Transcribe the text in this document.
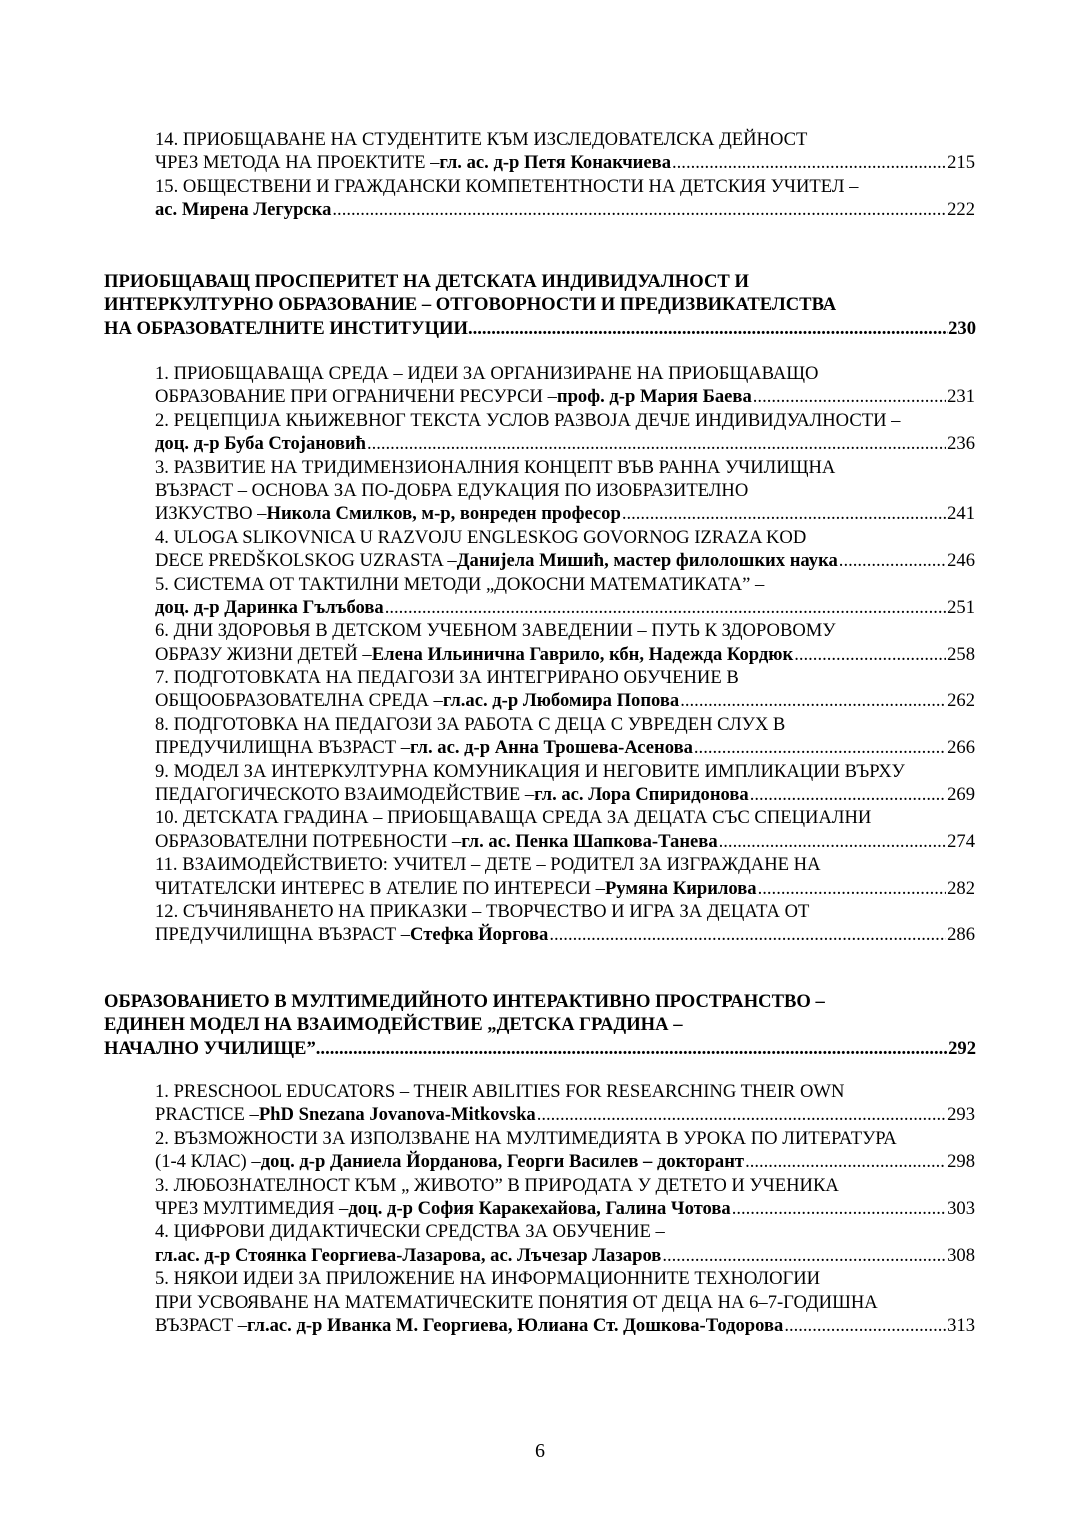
14. ПРИОБЩАВАНЕ НА СТУДЕНТИТЕ КЪМ ИЗСЛЕДОВАТЕЛСКА ДЕЙНОСТ
ЧРЕЗ МЕТОДА НА ПРОЕКТИТЕ – гл. ас. д-р Петя Конакчиева .....	215
15. ОБЩЕСТВЕНИ И ГРАЖДАНСКИ КОМПЕТЕНТНОСТИ НА ДЕТСКИЯ УЧИТЕЛ –
ас. Мирена Легурска .....	222
ПРИОБЩАВАЩ ПРОСПЕРИТЕТ НА ДЕТСКАТА ИНДИВИДУАЛНОСТ И
ИНТЕРКУЛТУРНО ОБРАЗОВАНИЕ – ОТГОВОРНОСТИ И ПРЕДИЗВИКАТЕЛСТВА
НА ОБРАЗОВАТЕЛНИТЕ ИНСТИТУЦИИ .....	230
1. ПРИОБЩАВАЩА СРЕДА – ИДЕИ ЗА ОРГАНИЗИРАНЕ НА ПРИОБЩАВАЩО
ОБРАЗОВАНИЕ ПРИ ОГРАНИЧЕНИ РЕСУРСИ – проф. д-р Мария Баева .....	231
2. РЕЦЕПЦИЈА КЊИЖЕВНОГ ТЕКСТА УСЛОВ РАЗВОЈА ДЕЧЈЕ ИНДИВИДУАЛНОСТИ –
доц. д-р Буба Стојановић .....	236
3. РАЗВИТИЕ НА ТРИДИМЕНЗИОНАЛНИЯ КОНЦЕПТ ВЪВ РАННА УЧИЛИЩНА
ВЪЗРАСТ – ОСНОВА ЗА ПО-ДОБРА ЕДУКАЦИЯ ПО ИЗОБРАЗИТЕЛНО
ИЗКУСТВО – Никола Смилков, м-р, вонреден професор .....	241
4. ULOGA SLIKOVNICA U RAZVOJU ENGLESKOG GOVORNOG IZRAZA KOD
DECE PREDŠKOLSKOG UZRASTA – Данијела Мишић, мастер филолошких наука .....	246
5. СИСТЕМА ОТ ТАКТИЛНИ МЕТОДИ „ДОКОСНИ МАТЕМАТИКАТА” –
доц. д-р Даринка Гълъбова .....	251
6. ДНИ ЗДОРОВЬЯ В ДЕТСКОМ УЧЕБНОМ ЗАВЕДЕНИИ – ПУТЬ К ЗДОРОВОМУ
ОБРАЗУ ЖИЗНИ ДЕТЕЙ – Елена Ильинична Гаврило, кбн, Надежда Кордюк .....	258
7. ПОДГОТОВКАТА НА ПЕДАГОЗИ ЗА ИНТЕГРИРАНО ОБУЧЕНИЕ В
ОБЩООБРАЗОВАТЕЛНА СРЕДА – гл.ас. д-р Любомира Попова .....	262
8. ПОДГОТОВКА НА ПЕДАГОЗИ ЗА РАБОТА С ДЕЦА С УВРЕДЕН СЛУХ В
ПРЕДУЧИЛИЩНА ВЪЗРАСТ – гл. ас. д-р Анна Трошева-Асенова .....	266
9. МОДЕЛ ЗА ИНТЕРКУЛТУРНА КОМУНИКАЦИЯ И НЕГОВИТЕ ИМПЛИКАЦИИ ВЪРХУ
ПЕДАГОГИЧЕСКОТО ВЗАИМОДЕЙСТВИЕ – гл. ас. Лора Спиридонова .....	269
10. ДЕТСКАТА ГРАДИНА – ПРИОБЩАВАЩА СРЕДА ЗА ДЕЦАТА СЪС СПЕЦИАЛНИ
ОБРАЗОВАТЕЛНИ ПОТРЕБНОСТИ – гл. ас. Пенка Шапкова-Танева .....	274
11. ВЗАИМОДЕЙСТВИЕТО: УЧИТЕЛ – ДЕТЕ – РОДИТЕЛ ЗА ИЗГРАЖДАНЕ НА
ЧИТАТЕЛСКИ ИНТЕРЕС В АТЕЛИЕ ПО ИНТЕРЕСИ – Румяна Кирилова .....	282
12. СЪЧИНЯВАНЕТО НА ПРИКАЗКИ – ТВОРЧЕСТВО И ИГРА ЗА ДЕЦАТА ОТ
ПРЕДУЧИЛИЩНА ВЪЗРАСТ – Стефка Йоргова .....	286
ОБРАЗОВАНИЕТО В МУЛТИМЕДИЙНОТО ИНТЕРАКТИВНО ПРОСТРАНСТВО –
ЕДИНЕН МОДЕЛ НА ВЗАИМОДЕЙСТВИЕ „ДЕТСКА ГРАДИНА –
НАЧАЛНО УЧИЛИЩЕ” .....	292
1. PRESCHOOL EDUCATORS – THEIR ABILITIES FOR RESEARCHING THEIR OWN
PRACTICE – PhD Snezana Jovanova-Mitkovska .....	293
2. ВЪЗМОЖНОСТИ ЗА ИЗПОЛЗВАНЕ НА МУЛТИМЕДИЯТА В УРОКА ПО ЛИТЕРАТУРА
(1-4 КЛАС) – доц. д-р Даниела Йорданова, Георги Василев – докторант .....	298
3. ЛЮБОЗНАТЕЛНОСТ КЪМ „ ЖИВОТО” В ПРИРОДАТА У ДЕТЕТО И УЧЕНИКА
ЧРЕЗ МУЛТИМЕДИЯ – доц. д-р София Каракехайова, Галина Чотова .....	303
4. ЦИФРОВИ ДИДАКТИЧЕСКИ СРЕДСТВА ЗА ОБУЧЕНИЕ –
гл.ас. д-р Стоянка Георгиева-Лазарова, ас. Лъчезар Лазаров .....	308
5. НЯКОИ ИДЕИ ЗА ПРИЛОЖЕНИЕ НА ИНФОРМАЦИОННИТЕ ТЕХНОЛОГИИ
ПРИ УСВОЯВАНЕ НА МАТЕМАТИЧЕСКИТЕ ПОНЯТИЯ ОТ ДЕЦА НА 6–7-ГОДИШНА
ВЪЗРАСТ – гл.ас. д-р Иванка М. Георгиева, Юлиана Ст. Дошкова-Тодорова .....	313
6
